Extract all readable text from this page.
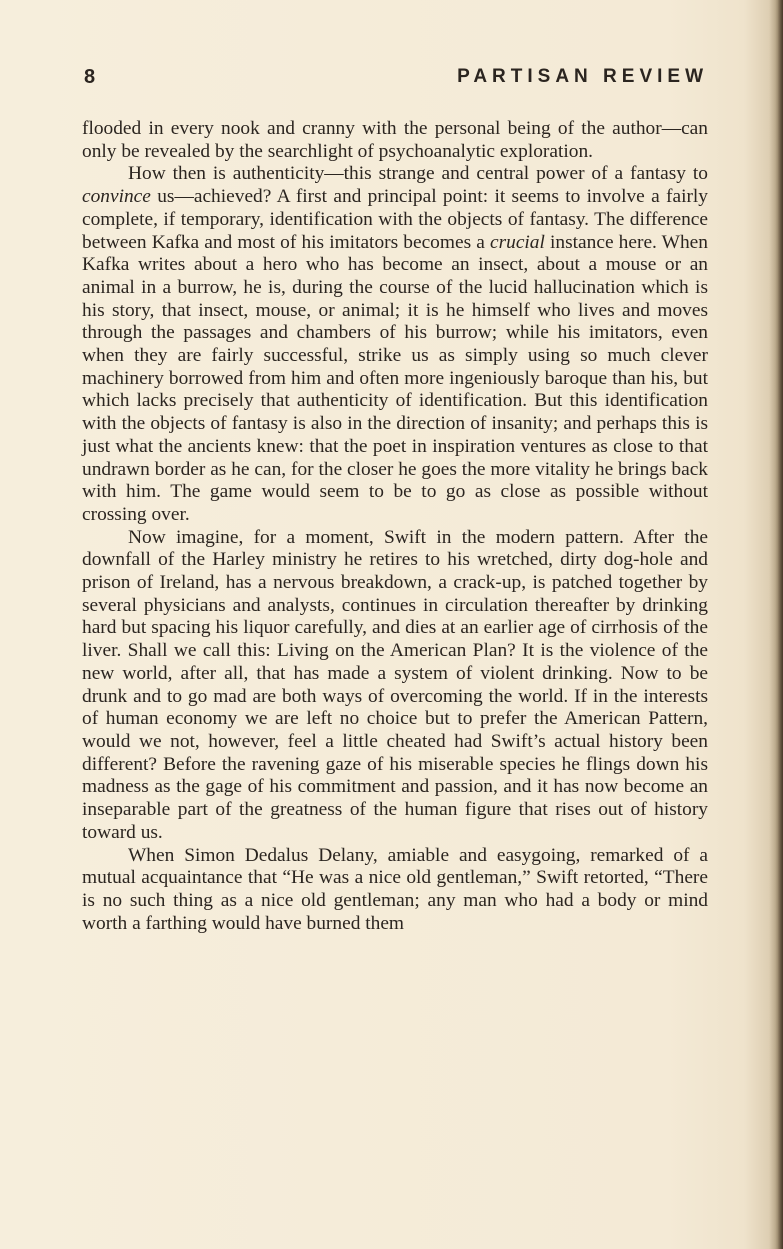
8	PARTISAN REVIEW

flooded in every nook and cranny with the personal being of the author—can only be revealed by the searchlight of psychoanalytic exploration.

How then is authenticity—this strange and central power of a fantasy to convince us—achieved? A first and principal point: it seems to involve a fairly complete, if temporary, identification with the objects of fantasy. The difference between Kafka and most of his imitators becomes a crucial instance here. When Kafka writes about a hero who has become an insect, about a mouse or an animal in a burrow, he is, during the course of the lucid hallucination which is his story, that insect, mouse, or animal; it is he himself who lives and moves through the passages and chambers of his burrow; while his imitators, even when they are fairly successful, strike us as simply using so much clever machinery borrowed from him and often more ingeniously baroque than his, but which lacks precisely that authenticity of identification. But this identification with the objects of fantasy is also in the direction of insanity; and perhaps this is just what the ancients knew: that the poet in inspiration ventures as close to that undrawn border as he can, for the closer he goes the more vitality he brings back with him. The game would seem to be to go as close as possible without crossing over.

Now imagine, for a moment, Swift in the modern pattern. After the downfall of the Harley ministry he retires to his wretched, dirty dog-hole and prison of Ireland, has a nervous breakdown, a crack-up, is patched together by several physicians and analysts, continues in circulation thereafter by drinking hard but spacing his liquor carefully, and dies at an earlier age of cirrhosis of the liver. Shall we call this: Living on the American Plan? It is the violence of the new world, after all, that has made a system of violent drinking. Now to be drunk and to go mad are both ways of overcoming the world. If in the interests of human economy we are left no choice but to prefer the American Pattern, would we not, however, feel a little cheated had Swift’s actual history been different? Before the ravening gaze of his miserable species he flings down his madness as the gage of his commitment and passion, and it has now become an inseparable part of the greatness of the human figure that rises out of history toward us.

When Simon Dedalus Delany, amiable and easygoing, remarked of a mutual acquaintance that “He was a nice old gentleman,” Swift retorted, “There is no such thing as a nice old gentleman; any man who had a body or mind worth a farthing would have burned them
